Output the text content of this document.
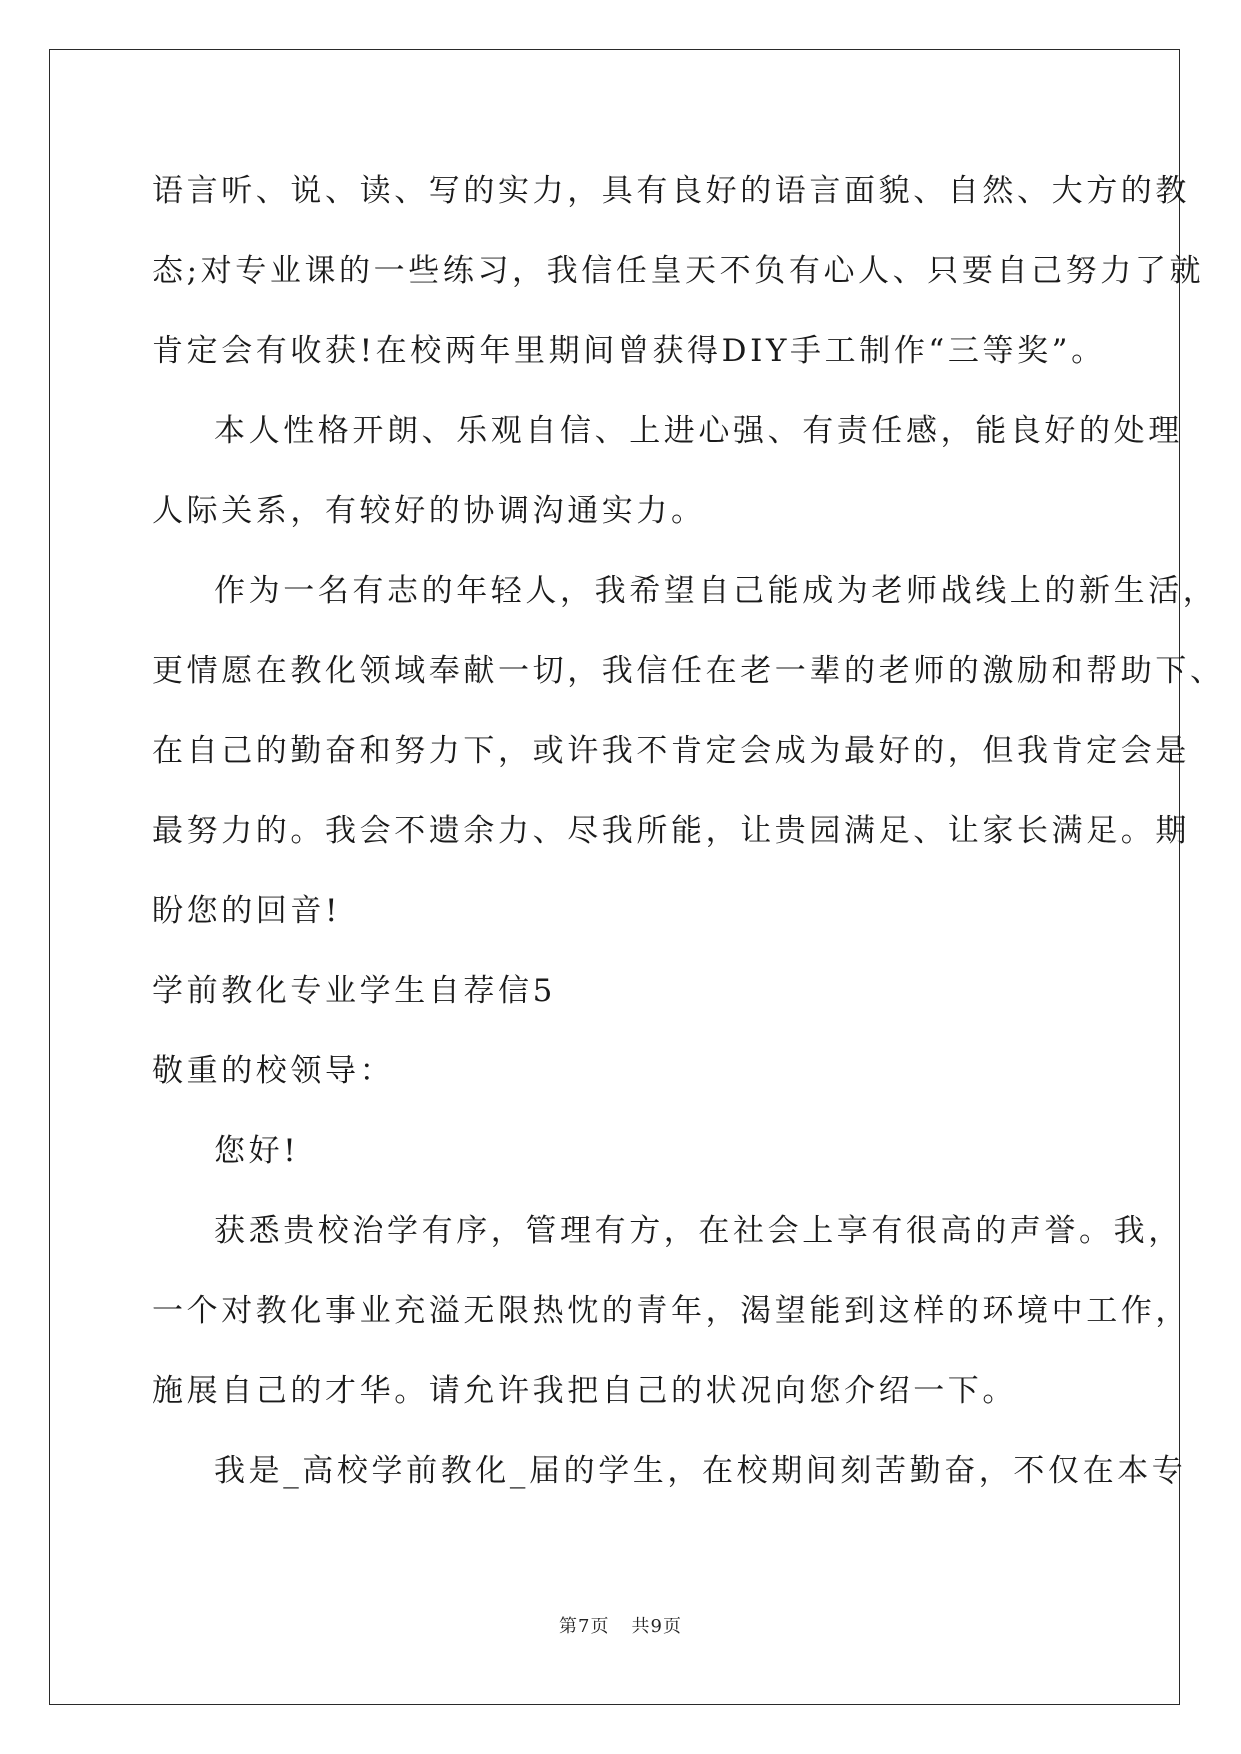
语言听、说、读、写的实力，具有良好的语言面貌、自然、大方的教
态;对专业课的一些练习，我信任皇天不负有心人、只要自己努力了就
肯定会有收获!在校两年里期间曾获得DIY手工制作“三等奖”。
本人性格开朗、乐观自信、上进心强、有责任感，能良好的处理
人际关系，有较好的协调沟通实力。
作为一名有志的年轻人，我希望自己能成为老师战线上的新生活，
更情愿在教化领域奉献一切，我信任在老一辈的老师的激励和帮助下、
在自己的勤奋和努力下，或许我不肯定会成为最好的，但我肯定会是
最努力的。我会不遗余力、尽我所能，让贵园满足、让家长满足。期
盼您的回音!
学前教化专业学生自荐信5
敬重的校领导：
您好!
获悉贵校治学有序，管理有方，在社会上享有很高的声誉。我，
一个对教化事业充溢无限热忱的青年，渴望能到这样的环境中工作，
施展自己的才华。请允许我把自己的状况向您介绍一下。
我是_高校学前教化_届的学生，在校期间刻苦勤奋，不仅在本专
第7页 共9页
